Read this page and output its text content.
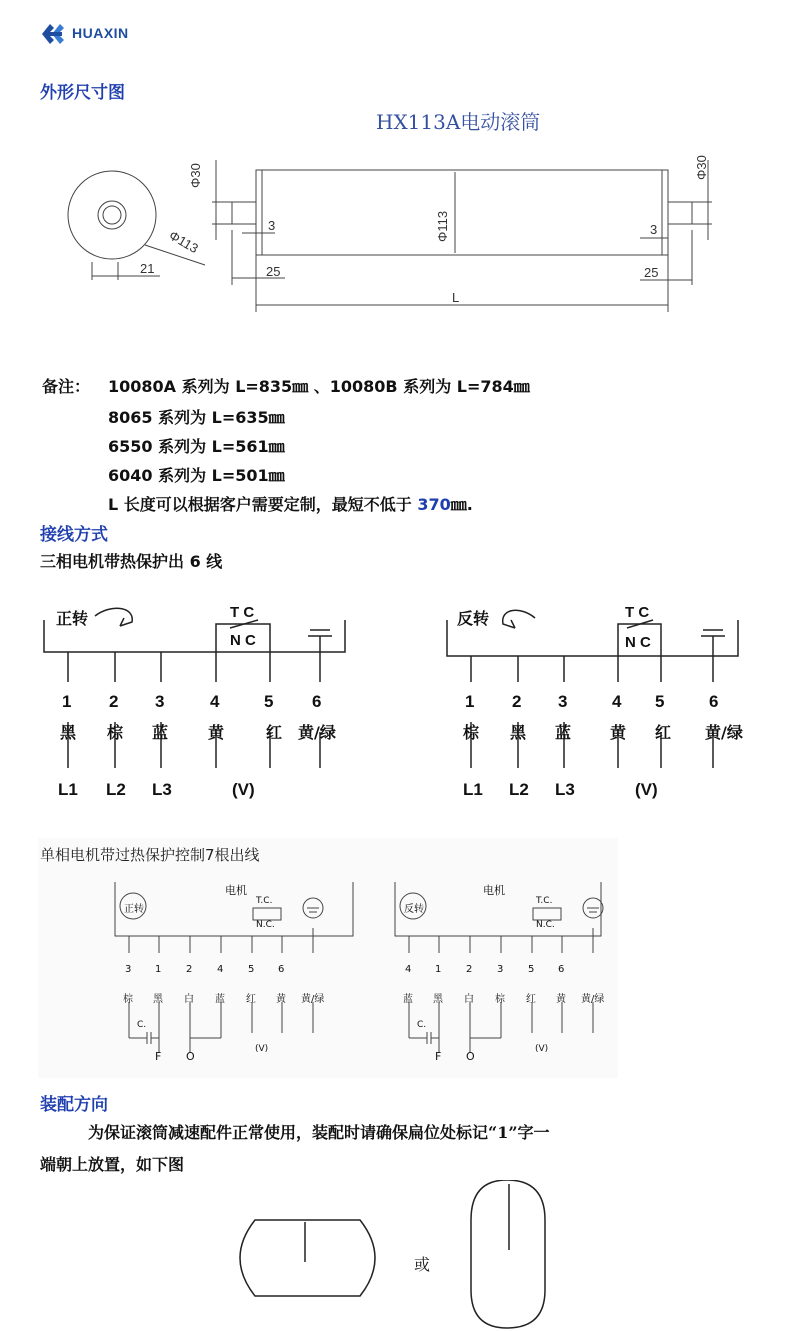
HUAXIN
外形尺寸图
HX113A电动滚筒
Φ30	Φ30
Φ113
Φ113
3	3
25	25
21
L
备注： 10080A 系列为 L=835㎜ 、10080B 系列为 L=784㎜
8065 系列为 L=635㎜
6550 系列为 L=561㎜
6040 系列为 L=501㎜
L 长度可以根据客户需要定制，最短不低于 370㎜.
接线方式
三相电机带热保护出 6 线
正转	T C
N C
1 2 3	4	5 6
黑 棕 蓝 黄	红 黄/绿
L1 L2 L3	(V)
反转	T C
N C
1 2 3	4 5	6
棕 黑 蓝 黄 红 黄/绿
L1 L2 L3	(V)
单相电机带过热保护控制7根出线
正转
电机
T.C.
N.C.
3 1 2 4 5 6
棕 黑 白 蓝 红 黄 黄/绿
C.
F O
(V)
反转
电机
T.C.
N.C.
4 1 2 3 5 6
蓝 黑 白 棕 红 黄 黄/绿
C.
F O
(V)
装配方向
为保证滚筒减速配件正常使用，装配时请确保扁位处标记“1”字一
端朝上放置，如下图
或
